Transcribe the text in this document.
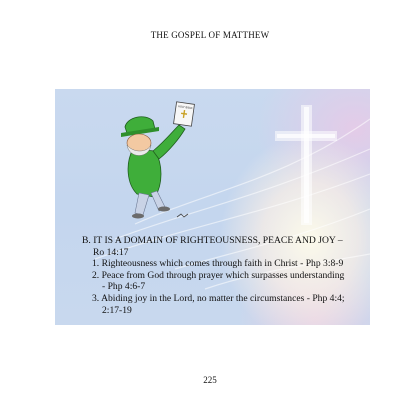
THE GOSPEL OF MATTHEW
HOLY BIBLE
B. IT IS A DOMAIN OF RIGHTEOUSNESS, PEACE AND JOY –
Ro 14:17
1. Righteousness which comes through faith in Christ - Php 3:8-9
2. Peace from God through prayer which surpasses understanding
- Php 4:6-7
3. Abiding joy in the Lord, no matter the circumstances - Php 4:4;
2:17-19
225
